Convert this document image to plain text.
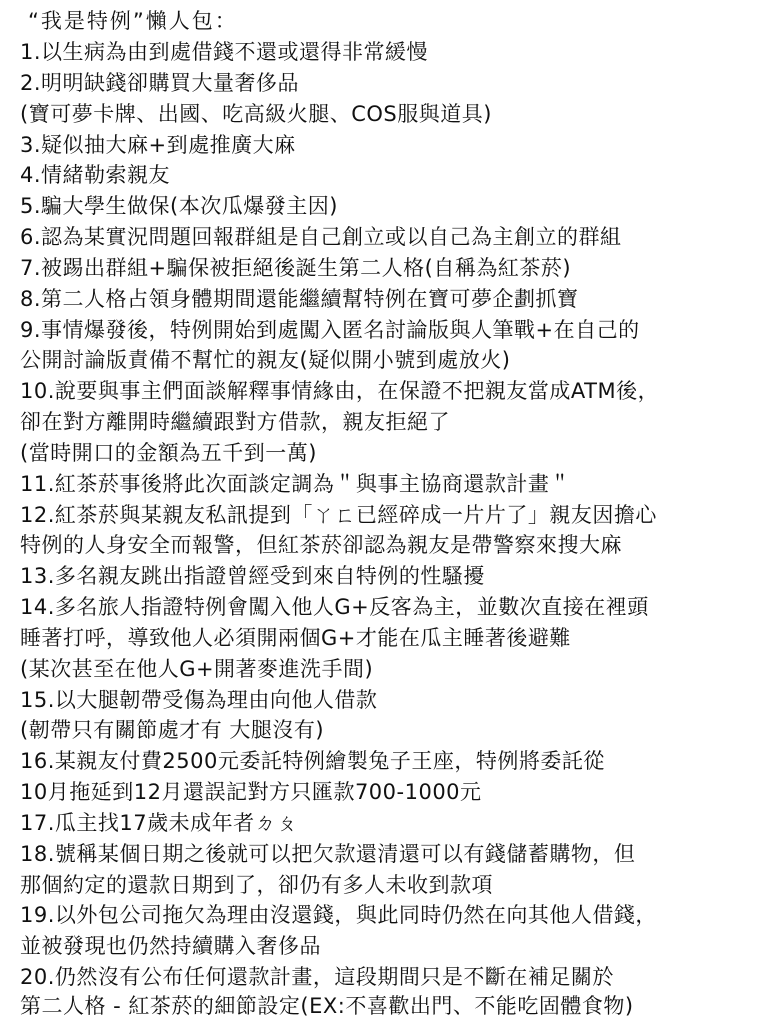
“我是特例”懶人包：
1.以生病為由到處借錢不還或還得非常緩慢
2.明明缺錢卻購買大量奢侈品
(寶可夢卡牌、出國、吃高級火腿、COS服與道具)
3.疑似抽大麻+到處推廣大麻
4.情緒勒索親友
5.騙大學生做保(本次瓜爆發主因)
6.認為某實況問題回報群組是自己創立或以自己為主創立的群組
7.被踢出群組+騙保被拒絕後誕生第二人格(自稱為紅茶菸)
8.第二人格占領身體期間還能繼續幫特例在寶可夢企劃抓寶
9.事情爆發後，特例開始到處闖入匿名討論版與人筆戰+在自己的
公開討論版責備不幫忙的親友(疑似開小號到處放火)
10.說要與事主們面談解釋事情緣由，在保證不把親友當成ATM後，
卻在對方離開時繼續跟對方借款，親友拒絕了
(當時開口的金額為五千到一萬)
11.紅茶菸事後將此次面談定調為＂與事主協商還款計畫＂
12.紅茶菸與某親友私訊提到「ㄚㄈ已經碎成一片片了」親友因擔心
特例的人身安全而報警，但紅茶菸卻認為親友是帶警察來搜大麻
13.多名親友跳出指證曾經受到來自特例的性騷擾
14.多名旅人指證特例會闖入他人G+反客為主，並數次直接在裡頭
睡著打呼，導致他人必須開兩個G+才能在瓜主睡著後避難
(某次甚至在他人G+開著麥進洗手間)
15.以大腿韌帶受傷為理由向他人借款
(韌帶只有關節處才有 大腿沒有)
16.某親友付費2500元委託特例繪製兔子王座，特例將委託從
10月拖延到12月還誤記對方只匯款700-1000元
17.瓜主找17歲未成年者ㄉㄆ
18.號稱某個日期之後就可以把欠款還清還可以有錢儲蓄購物，但
那個約定的還款日期到了，卻仍有多人未收到款項
19.以外包公司拖欠為理由沒還錢，與此同時仍然在向其他人借錢，
並被發現也仍然持續購入奢侈品
20.仍然沒有公布任何還款計畫，這段期間只是不斷在補足關於
第二人格 - 紅茶菸的細節設定(EX:不喜歡出門、不能吃固體食物)
